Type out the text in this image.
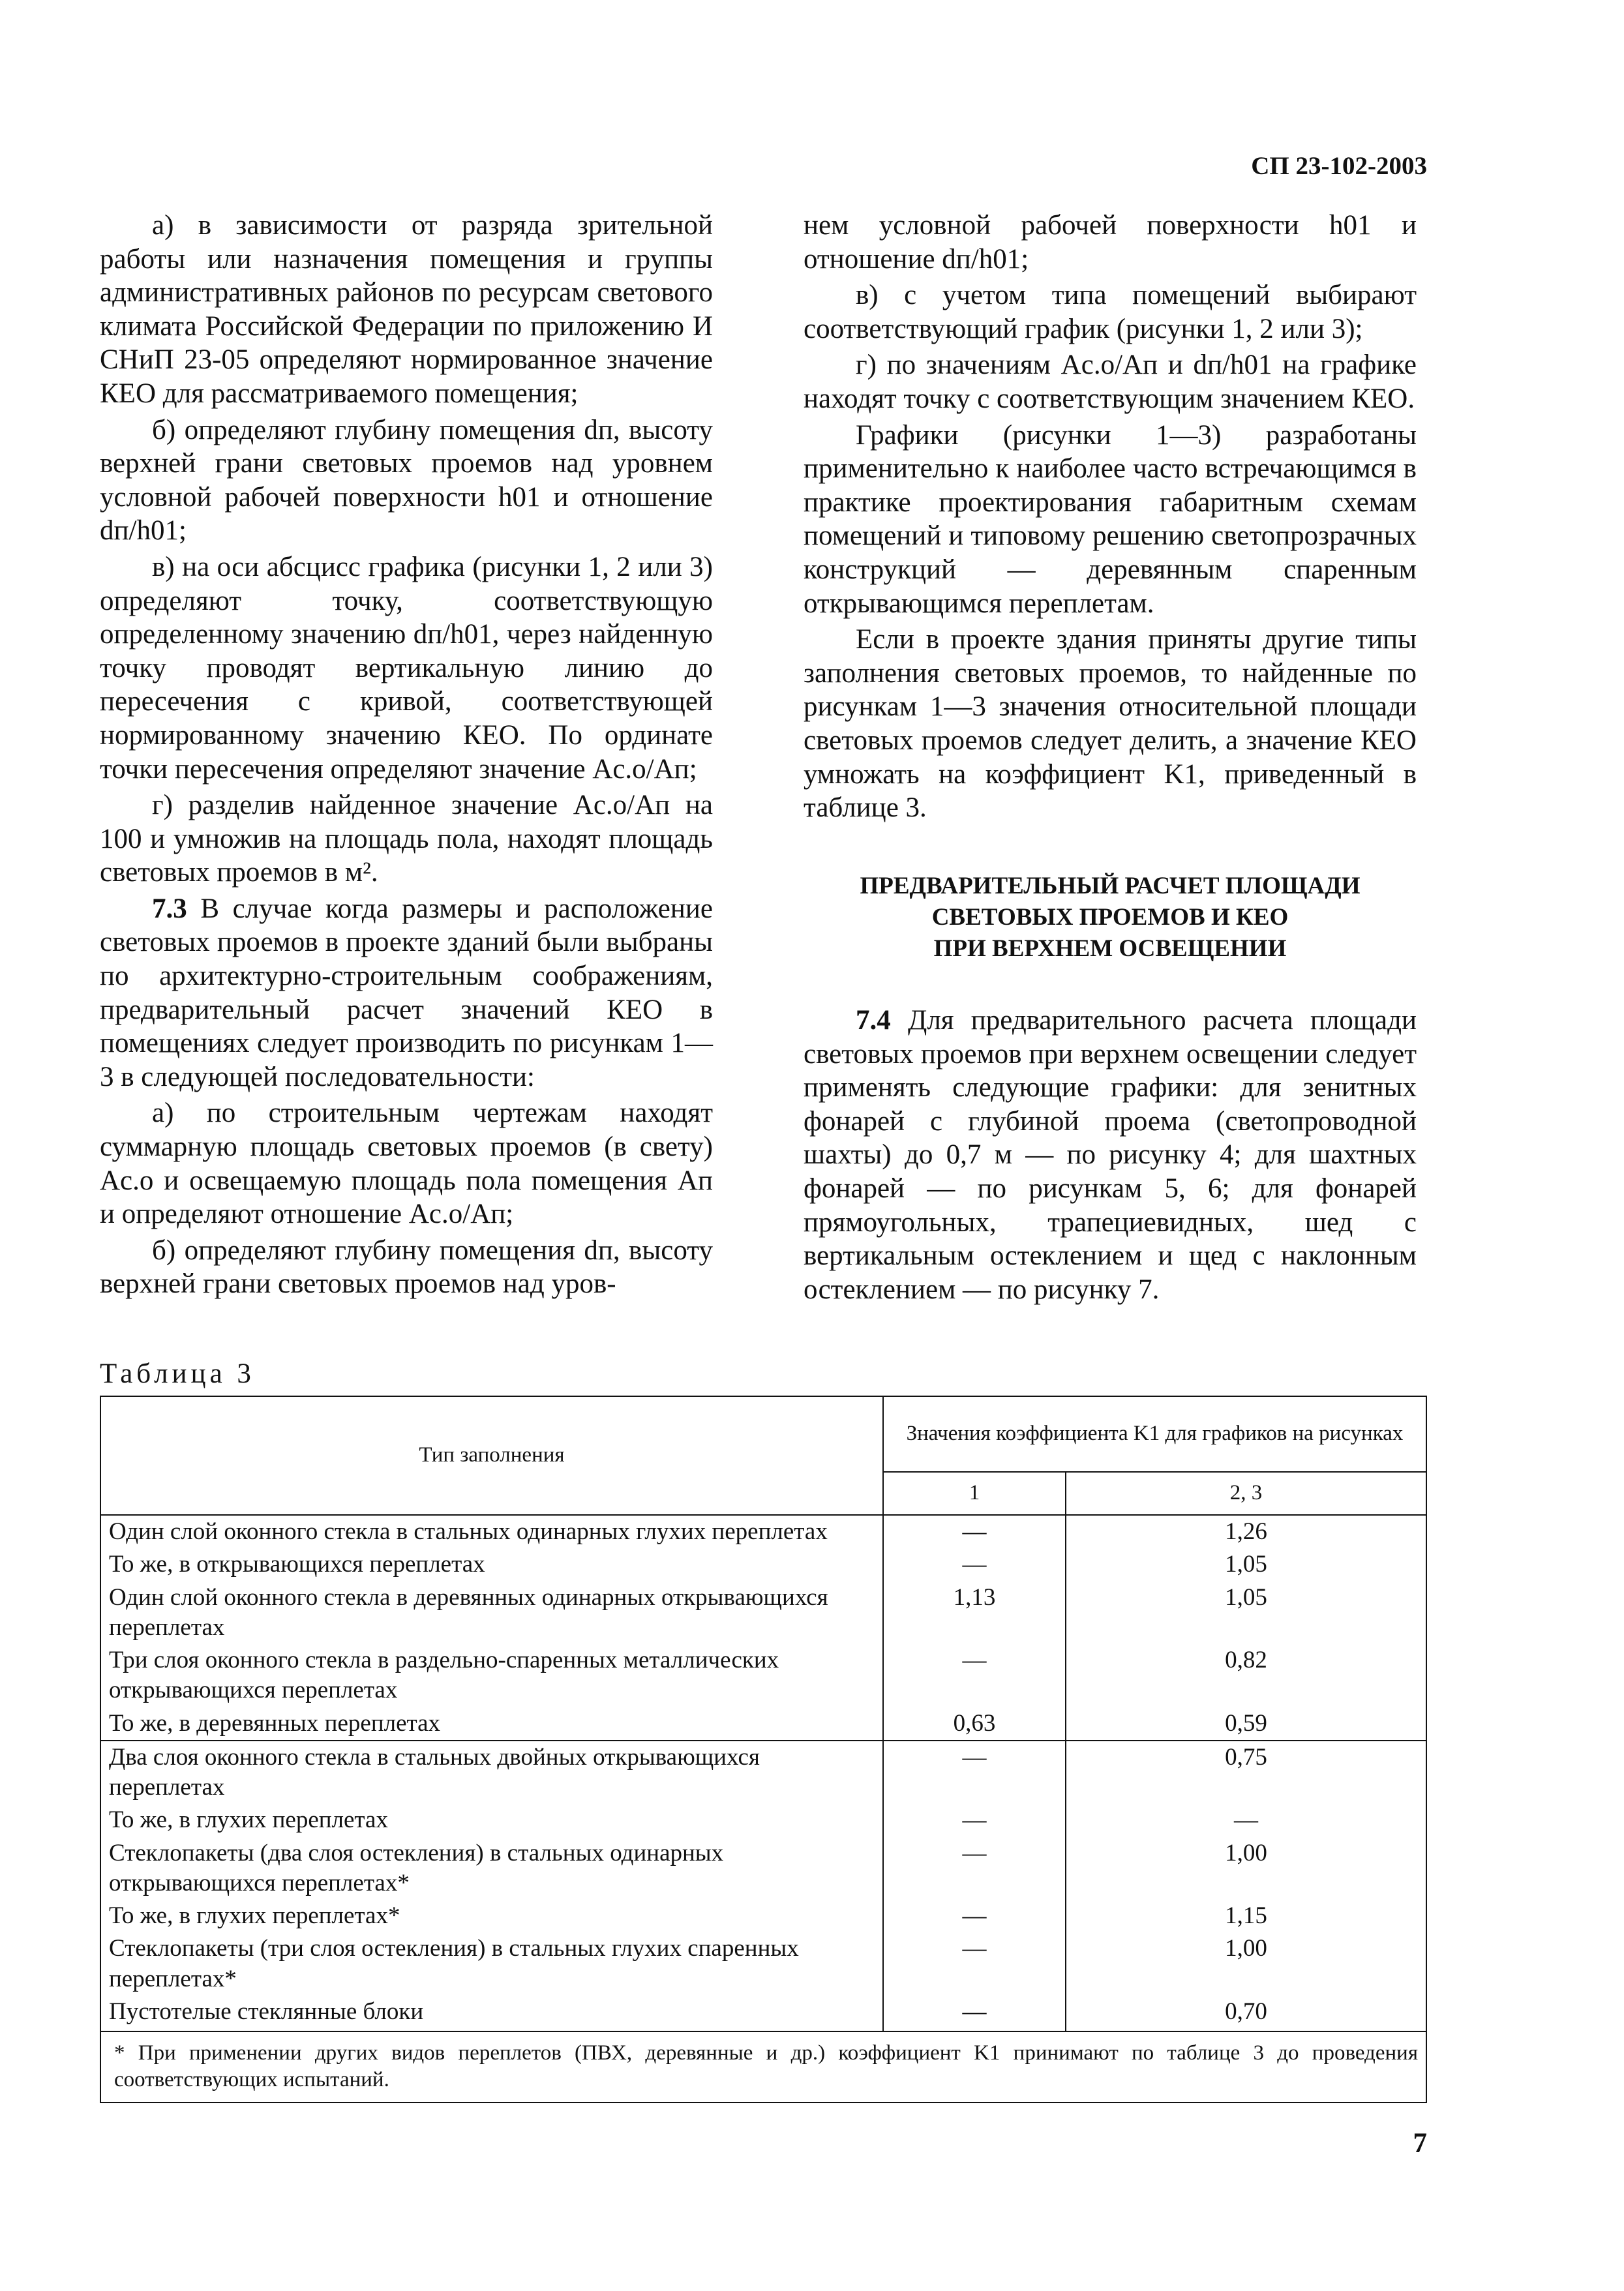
СП 23-102-2003

а) в зависимости от разряда зрительной работы или назначения помещения и группы административных районов по ресурсам светового климата Российской Федерации по приложению И СНиП 23-05 определяют нормированное значение КЕО для рассматриваемого помещения;

б) определяют глубину помещения dп, высоту верхней грани световых проемов над уровнем условной рабочей поверхности h01 и отношение dп/h01;

в) на оси абсцисс графика (рисунки 1, 2 или 3) определяют точку, соответствующую определенному значению dп/h01, через найденную точку проводят вертикальную линию до пересечения с кривой, соответствующей нормированному значению КЕО. По ординате точки пересечения определяют значение Aс.о/Aп;

г) разделив найденное значение Aс.о/Aп на 100 и умножив на площадь пола, находят площадь световых проемов в м².

7.3 В случае когда размеры и расположение световых проемов в проекте зданий были выбраны по архитектурно-строительным соображениям, предварительный расчет значений КЕО в помещениях следует производить по рисункам 1—3 в следующей последовательности:

а) по строительным чертежам находят суммарную площадь световых проемов (в свету) Aс.о и освещаемую площадь пола помещения Aп и определяют отношение Aс.о/Aп;

б) определяют глубину помещения dп, высоту верхней грани световых проемов над уров-

нем условной рабочей поверхности h01 и отношение dп/h01;

в) с учетом типа помещений выбирают соответствующий график (рисунки 1, 2 или 3);

г) по значениям Aс.о/Aп и dп/h01 на графике находят точку с соответствующим значением КЕО.

Графики (рисунки 1—3) разработаны применительно к наиболее часто встречающимся в практике проектирования габаритным схемам помещений и типовому решению светопрозрачных конструкций — деревянным спаренным открывающимся переплетам.

Если в проекте здания приняты другие типы заполнения световых проемов, то найденные по рисункам 1—3 значения относительной площади световых проемов следует делить, а значение КЕО умножать на коэффициент K1, приведенный в таблице 3.

ПРЕДВАРИТЕЛЬНЫЙ РАСЧЕТ ПЛОЩАДИ
СВЕТОВЫХ ПРОЕМОВ И КЕО
ПРИ ВЕРХНЕМ ОСВЕЩЕНИИ

7.4 Для предварительного расчета площади световых проемов при верхнем освещении следует применять следующие графики: для зенитных фонарей с глубиной проема (светопроводной шахты) до 0,7 м — по рисунку 4; для шахтных фонарей — по рисункам 5, 6; для фонарей прямоугольных, трапециевидных, шед с вертикальным остеклением и щед с наклонным остеклением — по рисунку 7.

Таблица 3
Тип заполнения	Значения коэффициента K1 для графиков на рисунках	
	1	2, 3
Один слой оконного стекла в стальных одинарных глухих переплетах	—	1,26
То же, в открывающихся переплетах	—	1,05
Один слой оконного стекла в деревянных одинарных открывающихся переплетах	1,13	1,05
Три слоя оконного стекла в раздельно-спаренных металлических открывающихся переплетах	—	0,82
То же, в деревянных переплетах	0,63	0,59
Два слоя оконного стекла в стальных двойных открывающихся переплетах	—	0,75
То же, в глухих переплетах	—	—
Стеклопакеты (два слоя остекления) в стальных одинарных открывающихся переплетах*	—	1,00
То же, в глухих переплетах*	—	1,15
Стеклопакеты (три слоя остекления) в стальных глухих спаренных переплетах*	—	1,00
Пустотелые стеклянные блоки	—	0,70
* При применении других видов переплетов (ПВХ, деревянные и др.) коэффициент K1 принимают по таблице 3 до проведения соответствующих испытаний.		
7
